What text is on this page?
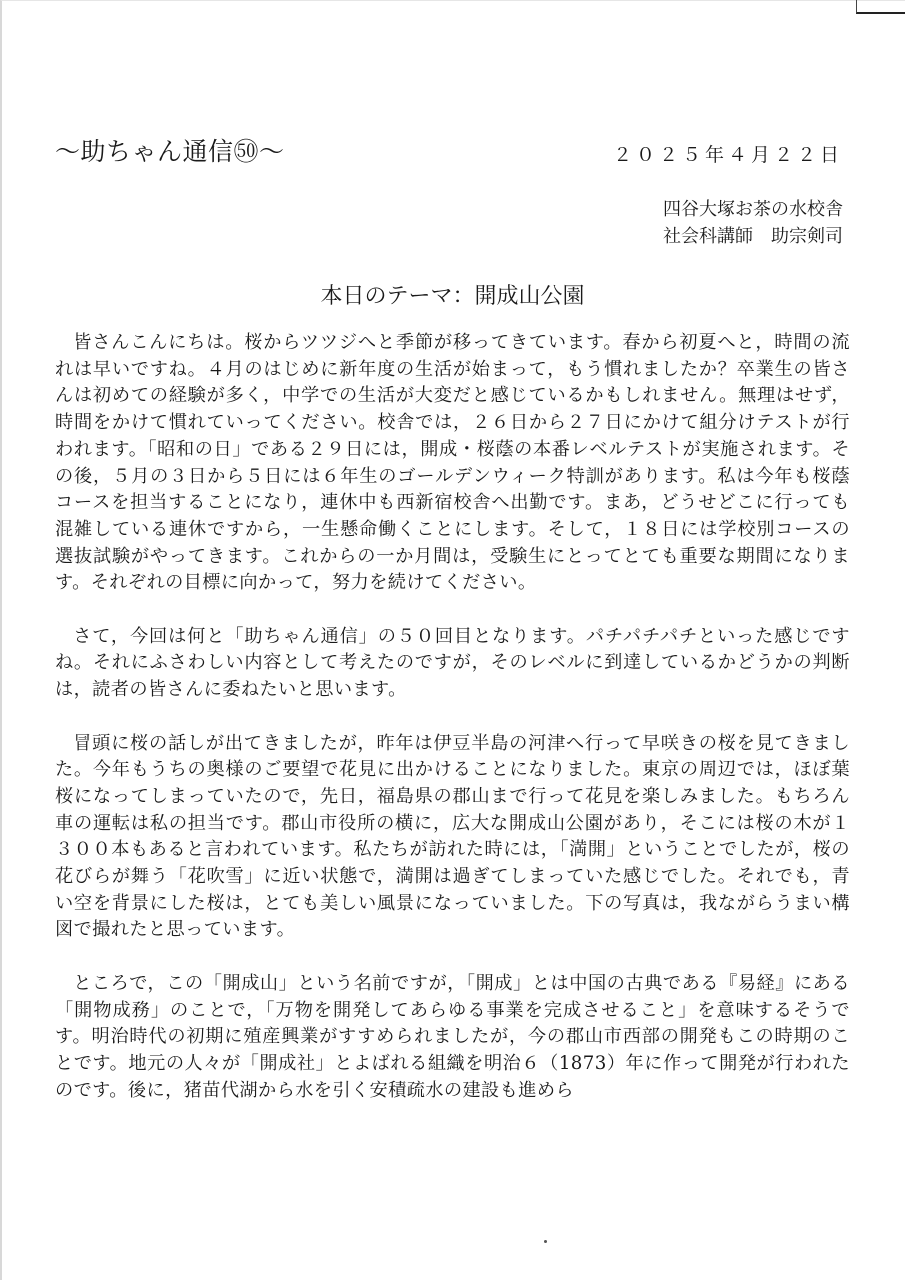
～助ちゃん通信㊿～	２０２５年４月２２日
四谷大塚お茶の水校舎
社会科講師　助宗剣司
本日のテーマ：開成山公園

皆さんこんにちは。桜からツツジへと季節が移ってきています。春から初夏へと，時間の流れは早いですね。４月のはじめに新年度の生活が始まって，もう慣れましたか？卒業生の皆さんは初めての経験が多く，中学での生活が大変だと感じているかもしれません。無理はせず，時間をかけて慣れていってください。校舎では，２６日から２７日にかけて組分けテストが行われます。「昭和の日」である２９日には，開成・桜蔭の本番レベルテストが実施されます。その後，５月の３日から５日には６年生のゴールデンウィーク特訓があります。私は今年も桜蔭コースを担当することになり，連休中も西新宿校舎へ出勤です。まあ，どうせどこに行っても混雑している連休ですから，一生懸命働くことにします。そして，１８日には学校別コースの選抜試験がやってきます。これからの一か月間は，受験生にとってとても重要な期間になります。それぞれの目標に向かって，努力を続けてください。

さて，今回は何と「助ちゃん通信」の５０回目となります。パチパチパチといった感じですね。それにふさわしい内容として考えたのですが，そのレベルに到達しているかどうかの判断は，読者の皆さんに委ねたいと思います。

冒頭に桜の話しが出てきましたが，昨年は伊豆半島の河津へ行って早咲きの桜を見てきました。今年もうちの奥様のご要望で花見に出かけることになりました。東京の周辺では，ほぼ葉桜になってしまっていたので，先日，福島県の郡山まで行って花見を楽しみました。もちろん車の運転は私の担当です。郡山市役所の横に，広大な開成山公園があり，そこには桜の木が１３００本もあると言われています。私たちが訪れた時には，「満開」ということでしたが，桜の花びらが舞う「花吹雪」に近い状態で，満開は過ぎてしまっていた感じでした。それでも，青い空を背景にした桜は，とても美しい風景になっていました。下の写真は，我ながらうまい構図で撮れたと思っています。

ところで，この「開成山」という名前ですが，「開成」とは中国の古典である『易経』にある「開物成務」のことで，「万物を開発してあらゆる事業を完成させること」を意味するそうです。明治時代の初期に殖産興業がすすめられましたが，今の郡山市西部の開発もこの時期のことです。地元の人々が「開成社」とよばれる組織を明治６（1873）年に作って開発が行われたのです。後に，猪苗代湖から水を引く安積疏水の建設も進めら
